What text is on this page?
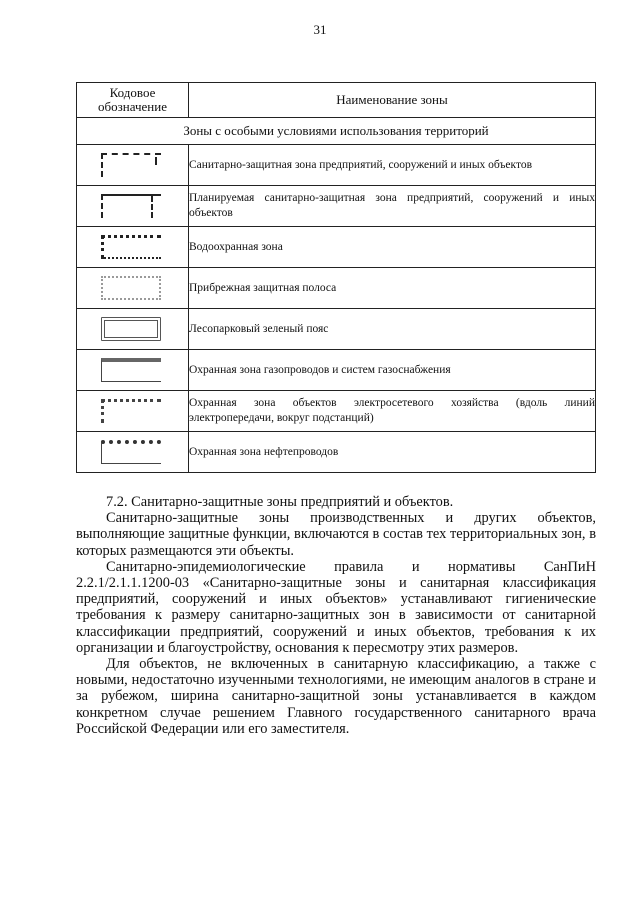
31
Кодовое обозначение	Наименование зоны
Зоны с особыми условиями использования территорий	

	Санитарно-защитная зона предприятий, сооружений и иных объектов

	Планируемая санитарно-защитная зона предприятий, сооружений и иных объектов

	Водоохранная зона

	Прибрежная защитная полоса

	Лесопарковый зеленый пояс

	Охранная зона газопроводов и систем газоснабжения

	Охранная зона объектов электросетевого хозяйства (вдоль линий электропередачи, вокруг подстанций)

	Охранная зона нефтепроводов

7.2. Санитарно-защитные зоны предприятий и объектов.

Санитарно-защитные зоны производственных и других объектов, выполняющие защитные функции, включаются в состав тех территориальных зон, в которых размещаются эти объекты.

Санитарно-эпидемиологические правила и нормативы СанПиН 2.2.1/2.1.1.1200-03 «Санитарно-защитные зоны и санитарная классификация предприятий, сооружений и иных объектов» устанавливают гигиенические требования к размеру санитарно-защитных зон в зависимости от санитарной классификации предприятий, сооружений и иных объектов, требования к их организации и благоустройству, основания к пересмотру этих размеров.

Для объектов, не включенных в санитарную классификацию, а также с новыми, недостаточно изученными технологиями, не имеющим аналогов в стране и за рубежом, ширина санитарно-защитной зоны устанавливается в каждом конкретном случае решением Главного государственного санитарного врача Российской Федерации или его заместителя.
